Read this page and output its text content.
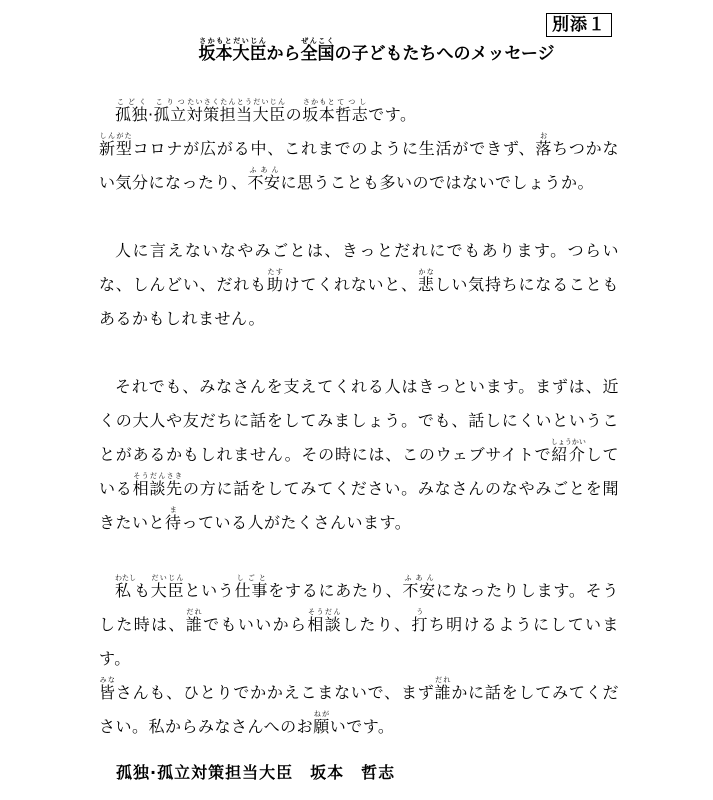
別添１
坂本さかもと大臣だいじんから全国ぜんこくの子どもたちへのメッセージ

孤独こどく·孤立こりつ対策たいさく担当たんとう大臣だいじんの坂本さかもと哲志てつしです。
新型しんがたコロナが広がる中、これまでのように生活ができず、落おちつかない気分になったり、不安ふあんに思うことも多いのではないでしょうか。

人に言えないなやみごとは、きっとだれにでもあります。つらいな、しんどい、だれも助たすけてくれないと、悲かなしい気持ちになることもあるかもしれません。

それでも、みなさんを支えてくれる人はきっといます。まずは、近くの大人や友だちに話をしてみましょう。でも、話しにくいということがあるかもしれません。その時には、このウェブサイトで紹介しょうかいしている相談先そうだんさきの方に話をしてみてください。みなさんのなやみごとを聞きたいと待まっている人がたくさんいます。

私わたしも大臣だいじんという仕事しごとをするにあたり、不安ふあんになったりします。そうした時は、誰だれでもいいから相談そうだんしたり、打うち明けるようにしています。
皆みなさんも、ひとりでかかえこまないで、まず誰だれかに話をしてみてください。私からみなさんへのお願ねがいです。

孤独·孤立対策担当大臣　坂本　哲志
